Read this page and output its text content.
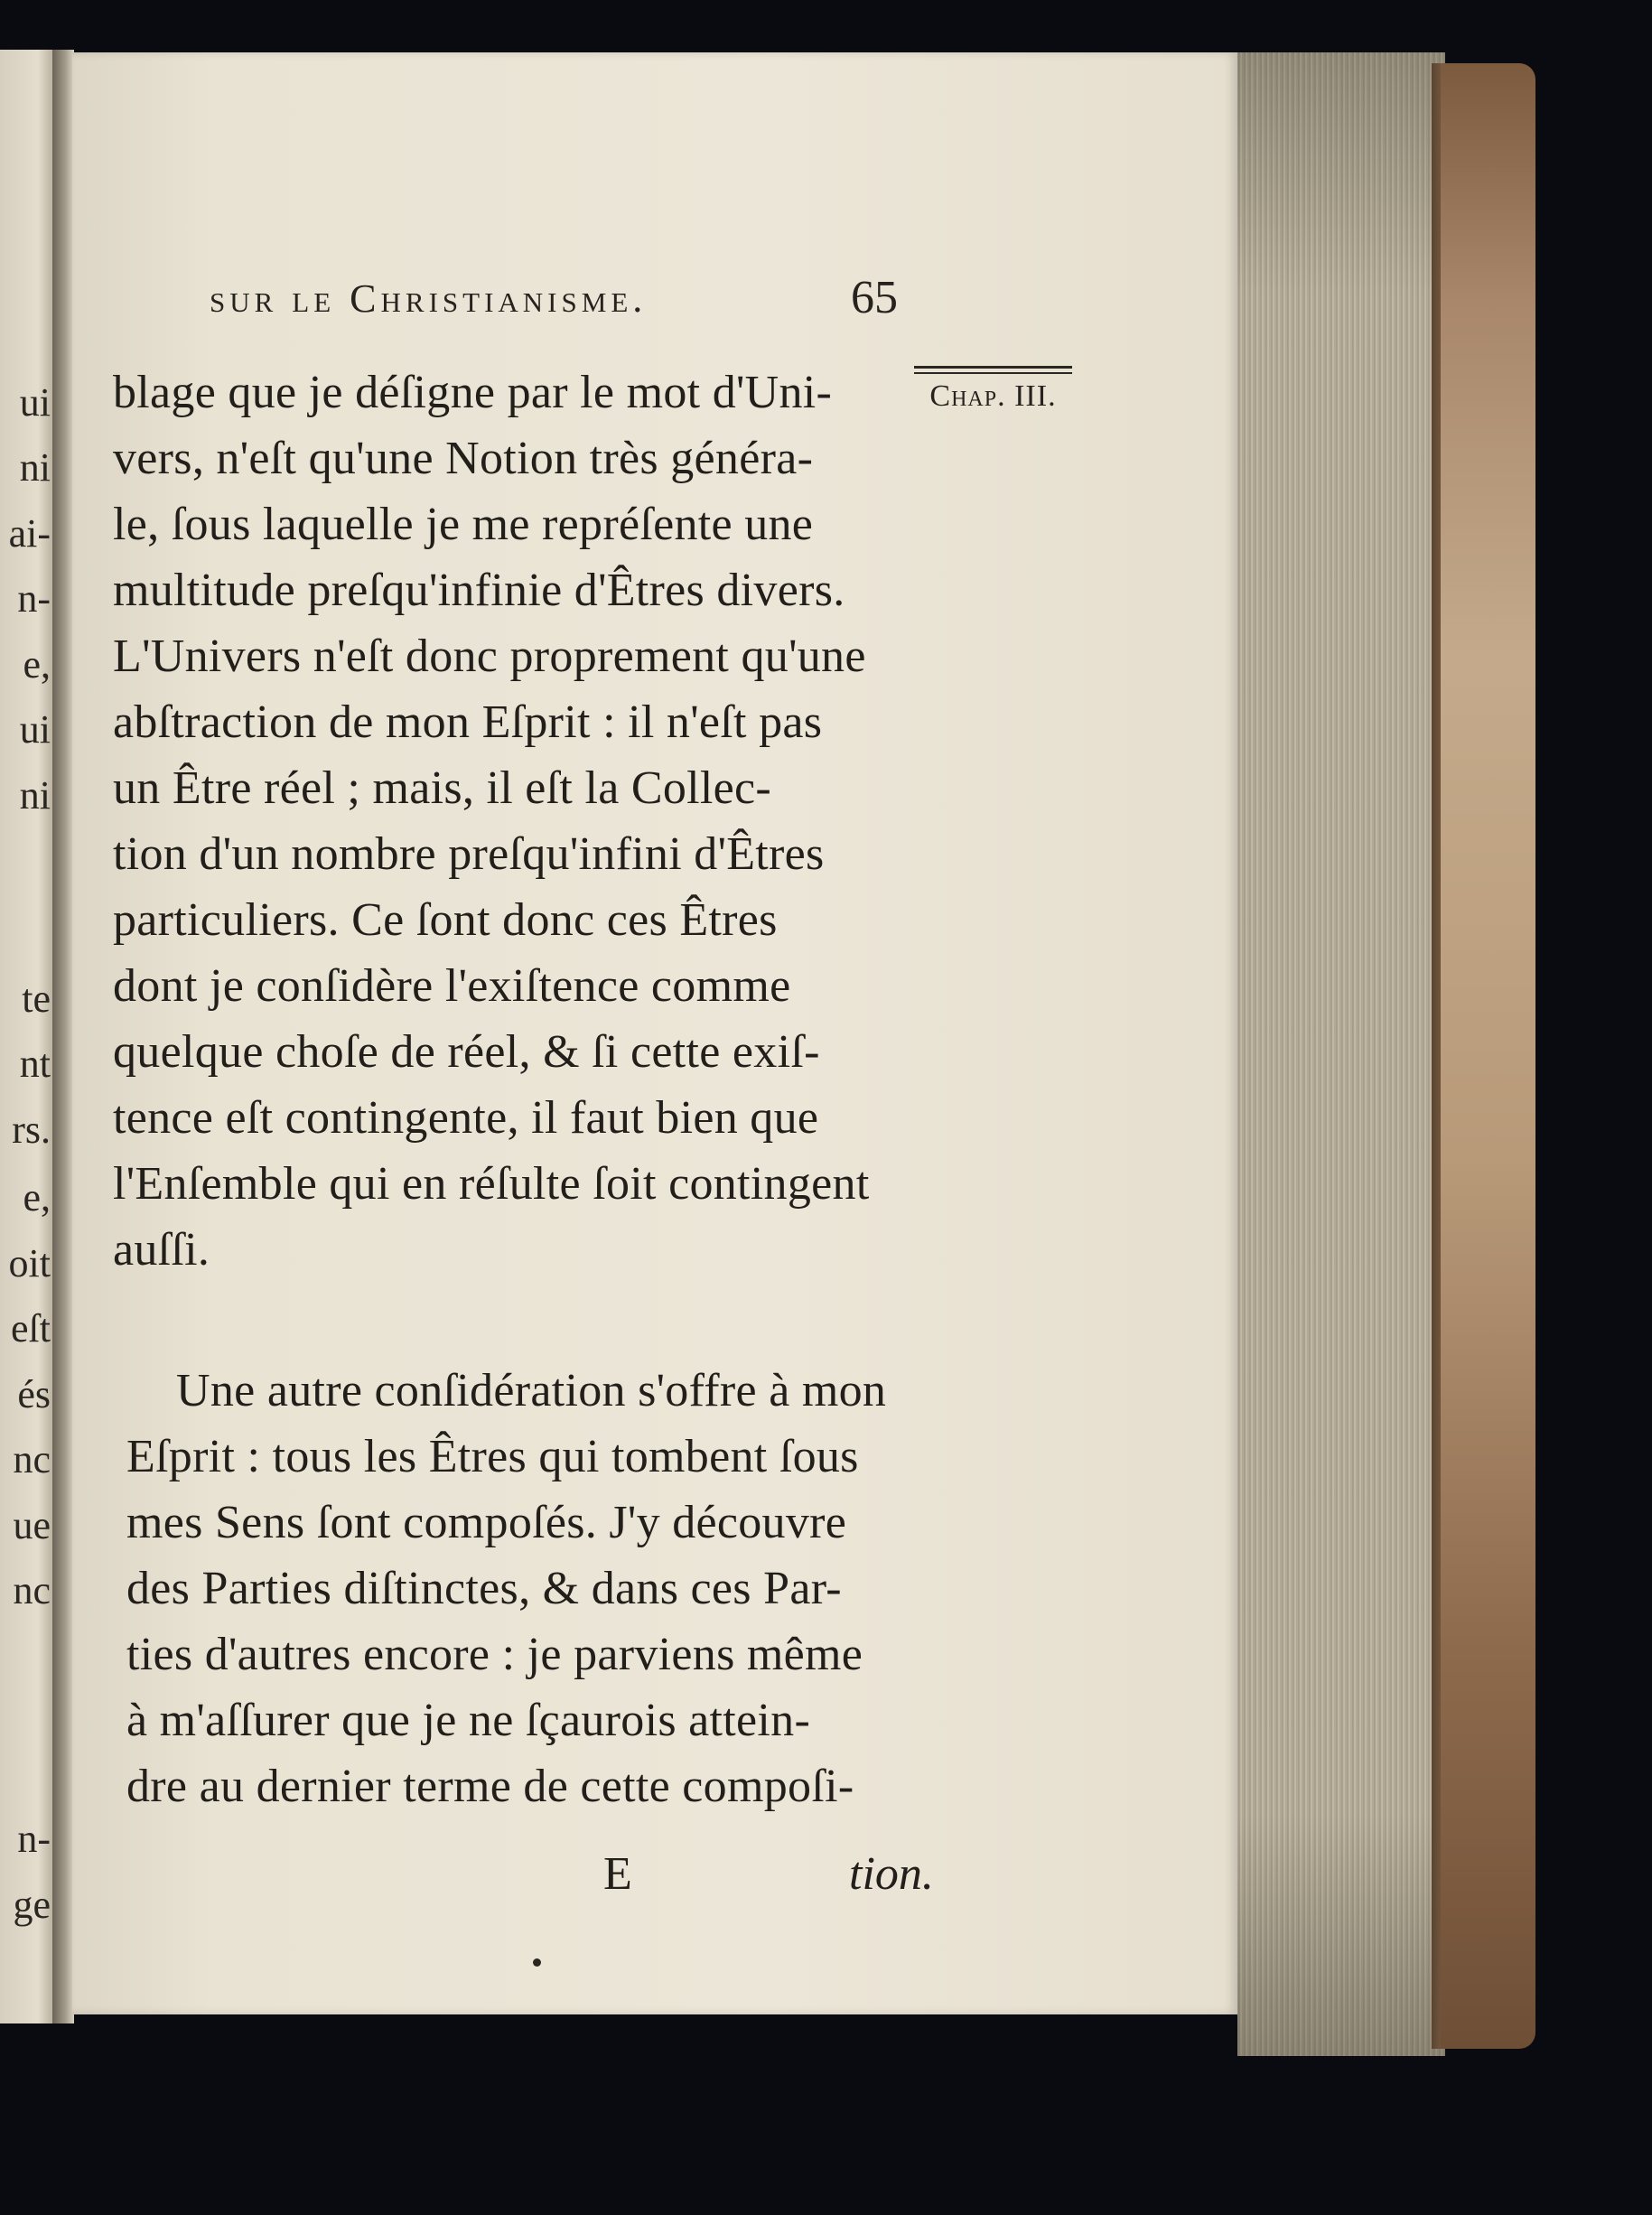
ui
ni
ai-
n-
e,
ui
ni
te
nt
rs.
e,
oit
eſt
és
nc
ue
nc
n-
ge
sur le Christianisme.	65
Chap. III.
blage que je déſigne par le mot d'Uni-
vers, n'eſt qu'une Notion très généra-
le, ſous laquelle je me repréſente une
multitude preſqu'infinie d'Êtres divers.
L'Univers n'eſt donc proprement qu'une
abſtraction de mon Eſprit : il n'eſt pas
un Être réel ; mais, il eſt la Collec-
tion d'un nombre preſqu'infini d'Êtres
particuliers. Ce ſont donc ces Êtres
dont je conſidère l'exiſtence comme
quelque choſe de réel, & ſi cette exiſ-
tence eſt contingente, il faut bien que
l'Enſemble qui en réſulte ſoit contingent
auſſi.
Une autre conſidération s'offre à mon
Eſprit : tous les Êtres qui tombent ſous
mes Sens ſont compoſés. J'y découvre
des Parties diſtinctes, & dans ces Par-
ties d'autres encore : je parviens même
à m'aſſurer que je ne ſçaurois attein-
dre au dernier terme de cette compoſi-
E	tion.
